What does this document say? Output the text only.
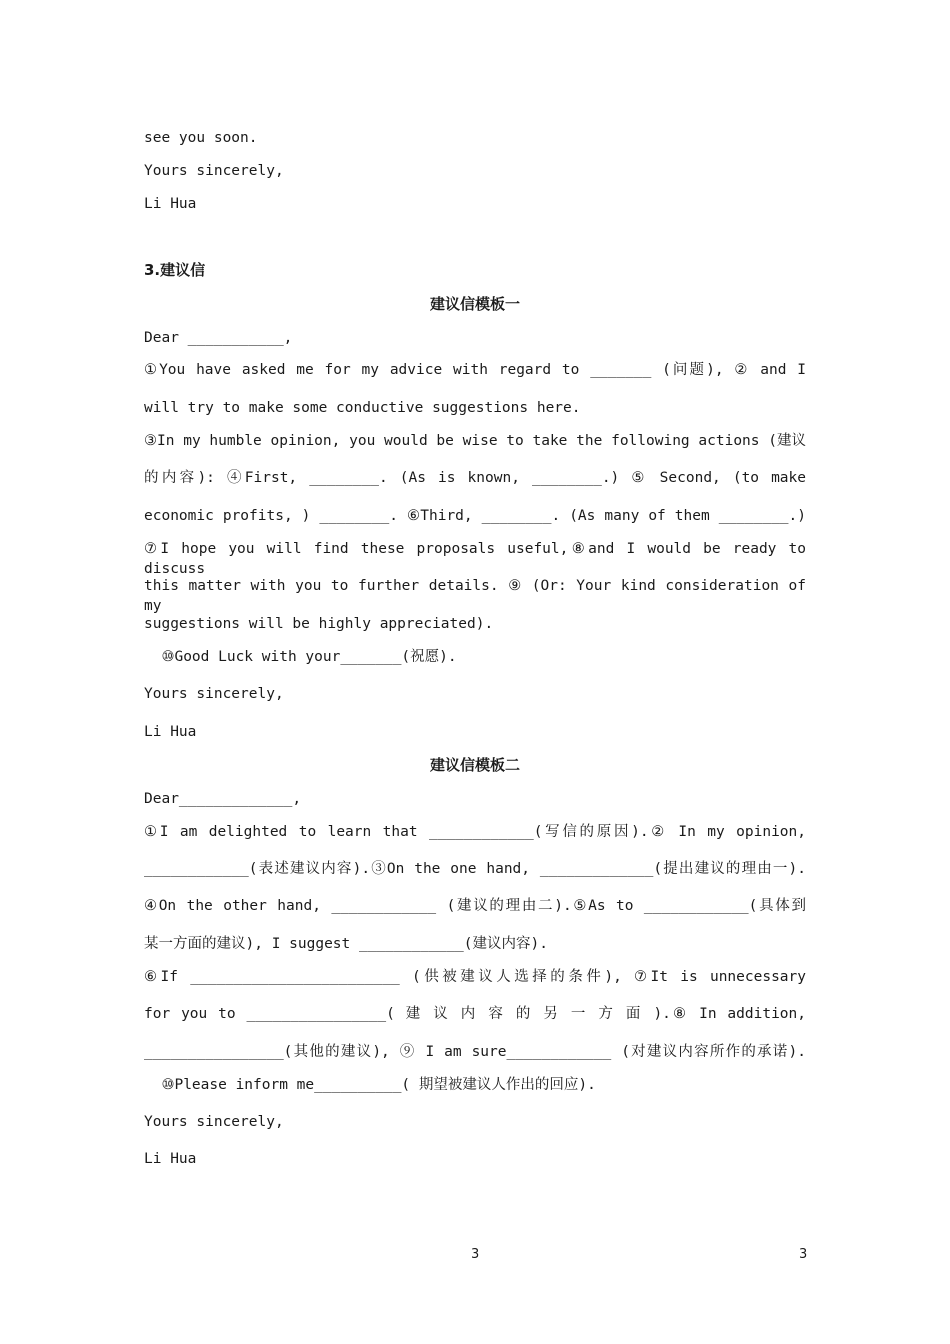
see you soon.
Yours sincerely,
Li Hua
3.建议信
建议信模板一
Dear ___________,
①You have asked me for my advice with regard to _______ (问题), ② and I
will try to make some conductive suggestions here.
③In my humble opinion, you would be wise to take the following actions (建议
的内容): ④First, ________. (As is known, ________.) ⑤ Second, (to make
economic profits, ) ________. ⑥Third, ________. (As many of them ________.)
⑦I hope you will find these proposals useful,⑧and I would be ready to discuss
this matter with you to further details. ⑨ (Or: Your kind consideration of my
suggestions will be highly appreciated).
⑩Good Luck with your_______(祝愿).
Yours sincerely,
Li Hua
建议信模板二
Dear_____________,
①I am delighted to learn that ____________(写信的原因).② In my opinion,
____________(表述建议内容).③On the one hand, _____________(提出建议的理由一).
④On the other hand, ____________ (建议的理由二).⑤As to ____________(具体到
某一方面的建议), I suggest ____________(建议内容).
⑥If ________________________ (供被建议人选择的条件), ⑦It is unnecessary
for you to ________________( 建 议 内 容 的 另 一 方 面 ).⑧ In addition,
________________(其他的建议), ⑨ I am sure____________ (对建议内容所作的承诺).
⑩Please inform me__________( 期望被建议人作出的回应).
Yours sincerely,
Li Hua
3	3
